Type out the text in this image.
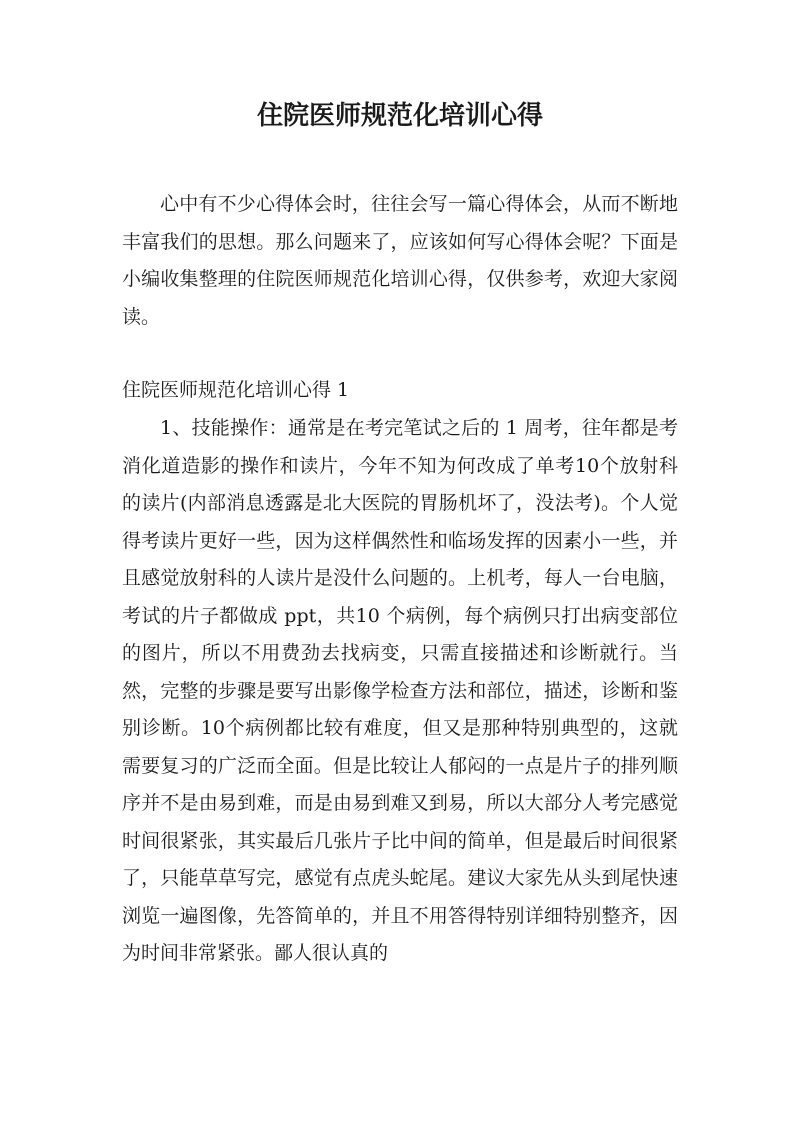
住院医师规范化培训心得

心中有不少心得体会时，往往会写一篇心得体会，从而不断地丰富我们的思想。那么问题来了，应该如何写心得体会呢？下面是小编收集整理的住院医师规范化培训心得，仅供参考，欢迎大家阅读。

住院医师规范化培训心得 1

1、技能操作：通常是在考完笔试之后的 1 周考，往年都是考消化道造影的操作和读片，今年不知为何改成了单考10个放射科的读片(内部消息透露是北大医院的胃肠机坏了，没法考)。个人觉得考读片更好一些，因为这样偶然性和临场发挥的因素小一些，并且感觉放射科的人读片是没什么问题的。上机考，每人一台电脑，考试的片子都做成 ppt，共10 个病例，每个病例只打出病变部位的图片，所以不用费劲去找病变，只需直接描述和诊断就行。当然，完整的步骤是要写出影像学检查方法和部位，描述，诊断和鉴别诊断。10个病例都比较有难度，但又是那种特别典型的，这就需要复习的广泛而全面。但是比较让人郁闷的一点是片子的排列顺序并不是由易到难，而是由易到难又到易，所以大部分人考完感觉时间很紧张，其实最后几张片子比中间的简单，但是最后时间很紧了，只能草草写完，感觉有点虎头蛇尾。建议大家先从头到尾快速浏览一遍图像，先答简单的，并且不用答得特别详细特别整齐，因为时间非常紧张。鄙人很认真的
